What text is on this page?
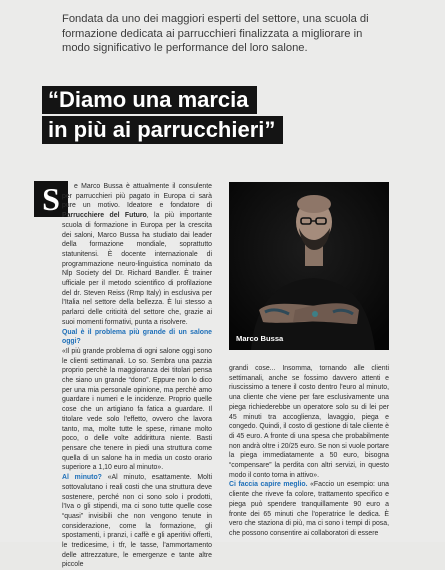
Fondata da uno dei maggiori esperti del settore, una scuola di formazione dedicata ai parrucchieri finalizzata a migliorare in modo significativo le performance del loro salone.
“Diamo una marcia
in più ai parrucchieri”
S	e Marco Bussa è attualmente il consulente per parrucchieri più pagato in Europa ci sarà pure un motivo. Ideatore e fondatore di Parrucchiere del Futuro, la più importante scuola di formazione in Europa per la crescita dei saloni, Marco Bussa ha studiato dai leader della formazione mondiale, soprattutto statunitensi. È docente internazionale di programmazione neuro-linguistica nominato da Nlp Society del Dr. Richard Bandler. È trainer ufficiale per il metodo scientifico di profilazione del dr. Steven Reiss (Rmp Italy) in esclusiva per l'Italia nel settore della bellezza. È lui stesso a parlarci delle criticità del settore che, grazie ai suoi momenti formativi, punta a risolvere.

Qual è il problema più grande di un salone oggi?

«Il più grande problema di ogni salone oggi sono le clienti settimanali. Lo so. Sembra una pazzia proprio perchè la maggioranza dei titolari pensa che siano un grande “dono”. Eppure non lo dico per una mia personale opinione, ma perchè amo guardare i numeri e le incidenze. Proprio quelle cose che un artigiano fa fatica a guardare. Il titolare vede solo l'effetto, ovvero che lavora tanto, ma, molte tutte le spese, rimane molto poco, o delle volte addirittura niente. Basti pensare che tenere in piedi una struttura come quella di un salone ha in media un costo orario superiore a 1,10 euro al minuto».

Al minuto? «Al minuto, esattamente. Molti sottovalutano i reali costi che una struttura deve sostenere, perché non ci sono solo i prodotti, l'Iva o gli stipendi, ma ci sono tutte quelle cose “quasi” invisibili che non vengono tenute in considerazione, come la formazione, gli spostamenti, i pranzi, i caffè e gli aperitivi offerti, le tredicesime, i tfr, le tasse, l'ammortamento delle attrezzature, le emergenze e tante altre piccole

Marco Bussa

grandi cose... Insomma, tornando alle clienti settimanali, anche se fossimo davvero attenti e riuscissimo a tenere il costo dentro l'euro al minuto, una cliente che viene per fare esclusivamente una piega richiederebbe un operatore solo su di lei per 45 minuti tra accoglienza, lavaggio, piega e congedo. Quindi, il costo di gestione di tale cliente è di 45 euro. A fronte di una spesa che probabilmente non andrà oltre i 20/25 euro. Se non si vuole portare la piega immediatamente a 50 euro, bisogna “compensare” la perdita con altri servizi, in questo modo il conto torna in attivo».

Ci faccia capire meglio. «Faccio un esempio: una cliente che riveve fa colore, trattamento specifico e piega può spendere tranquillamente 90 euro a fronte dei 65 minuti che l'operatrice le dedica. È vero che staziona di più, ma ci sono i tempi di posa, che possono consentire ai collaboratori di essere
